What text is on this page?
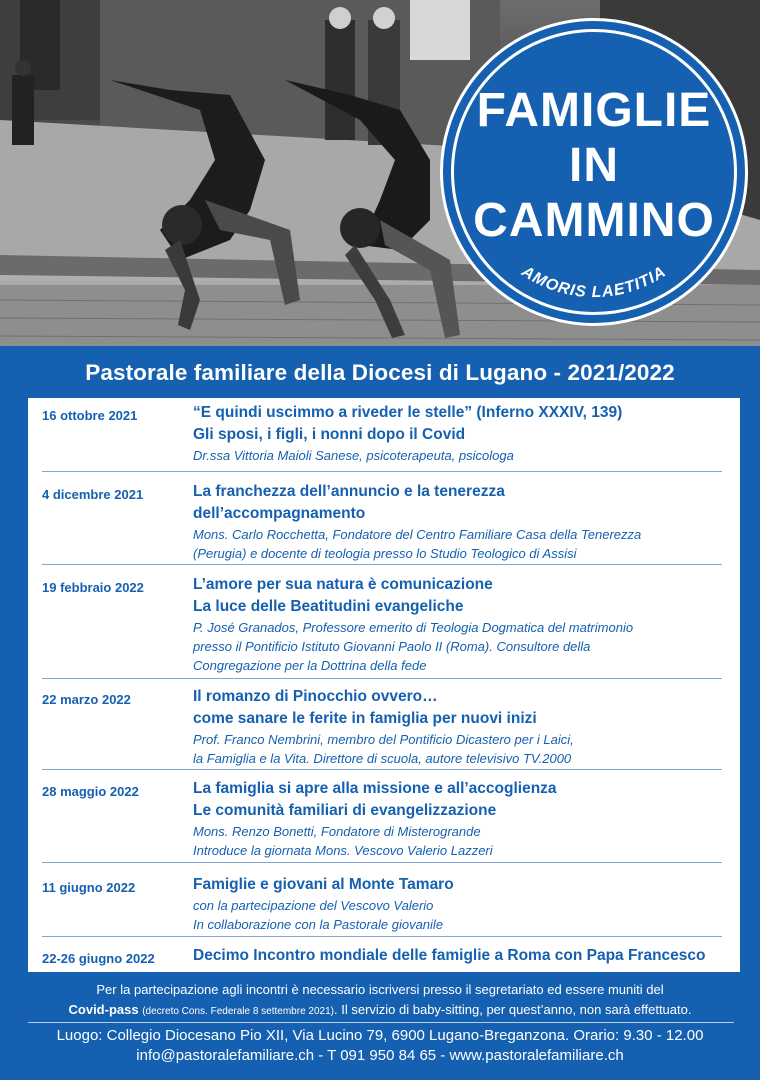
FAMIGLIE
IN
CAMMINO
AMORIS LAETITIA
Pastorale familiare della Diocesi di Lugano - 2021/2022
16 ottobre 2021	“E quindi uscimmo a riveder le stelle” (Inferno XXXIV, 139)
Gli sposi, i figli, i nonni dopo il Covid
Dr.ssa Vittoria Maioli Sanese, psicoterapeuta, psicologa
4 dicembre 2021	La franchezza dell’annuncio e la tenerezza
dell’accompagnamento
Mons. Carlo Rocchetta, Fondatore del Centro Familiare Casa della Tenerezza
(Perugia) e docente di teologia presso lo Studio Teologico di Assisi
19 febbraio 2022	L’amore per sua natura è comunicazione
La luce delle Beatitudini evangeliche
P. José Granados, Professore emerito di Teologia Dogmatica del matrimonio
presso il Pontificio Istituto Giovanni Paolo II (Roma). Consultore della
Congregazione per la Dottrina della fede
22 marzo 2022	Il romanzo di Pinocchio ovvero…
come sanare le ferite in famiglia per nuovi inizi
Prof. Franco Nembrini, membro del Pontificio Dicastero per i Laici,
la Famiglia e la Vita. Direttore di scuola, autore televisivo TV.2000
28 maggio 2022	La famiglia si apre alla missione e all’accoglienza
Le comunità familiari di evangelizzazione
Mons. Renzo Bonetti, Fondatore di Misterogrande
Introduce la giornata Mons. Vescovo Valerio Lazzeri
11 giugno 2022	Famiglie e giovani al Monte Tamaro
con la partecipazione del Vescovo Valerio
In collaborazione con la Pastorale giovanile
22-26 giugno 2022 Decimo Incontro mondiale delle famiglie a Roma con Papa Francesco
Per la partecipazione agli incontri è necessario iscriversi presso il segretariato ed essere muniti del
Covid-pass (decreto Cons. Federale 8 settembre 2021). Il servizio di baby-sitting, per quest’anno, non sarà effettuato.
Luogo: Collegio Diocesano Pio XII, Via Lucino 79, 6900 Lugano-Breganzona. Orario: 9.30 - 12.00
info@pastoralefamiliare.ch - T 091 950 84 65 - www.pastoralefamiliare.ch
